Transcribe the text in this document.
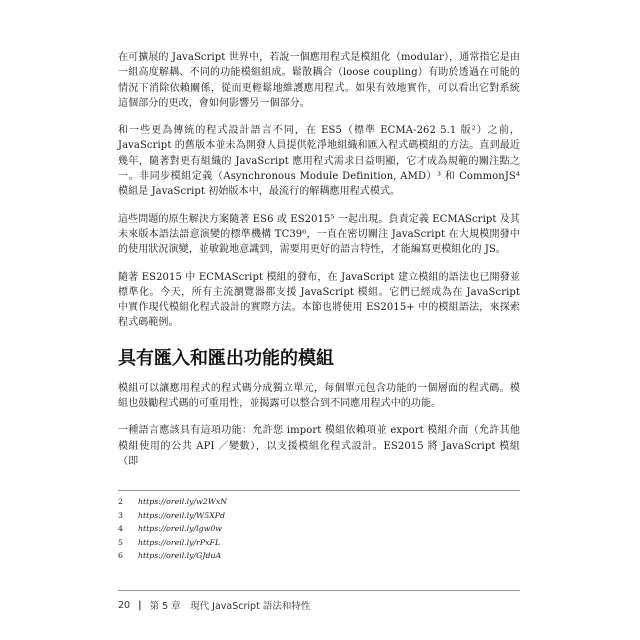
在可擴展的 JavaScript 世界中，若說一個應用程式是模組化（modular），通常指它是由一組高度解耦、不同的功能模組組成。鬆散耦合（loose coupling）有助於透過在可能的情況下消除依賴關係，從而更輕鬆地維護應用程式。如果有效地實作，可以看出它對系統這個部分的更改，會如何影響另一個部分。

和一些更為傳統的程式設計語言不同，在 ES5（標準 ECMA-262 5.1 版²）之前，JavaScript 的舊版本並未為開發人員提供乾淨地組織和匯入程式碼模組的方法。直到最近幾年，隨著對更有組織的 JavaScript 應用程式需求日益明顯，它才成為規範的關注點之一。非同步模組定義（Asynchronous Module Definition, AMD）³ 和 CommonJS⁴ 模組是 JavaScript 初始版本中，最流行的解耦應用程式模式。

這些問題的原生解決方案隨著 ES6 或 ES2015⁵ 一起出現。負責定義 ECMAScript 及其未來版本語法語意演變的標準機構 TC39⁶，一直在密切關注 JavaScript 在大規模開發中的使用狀況演變，並敏銳地意識到，需要用更好的語言特性，才能編寫更模組化的 JS。

隨著 ES2015 中 ECMAScript 模組的發布，在 JavaScript 建立模組的語法也已開發並標準化。今天，所有主流瀏覽器都支援 JavaScript 模組。它們已經成為在 JavaScript 中實作現代模組化程式設計的實際方法。本節也將使用 ES2015+ 中的模組語法，來探索程式碼範例。

具有匯入和匯出功能的模組

模組可以讓應用程式的程式碼分成獨立單元，每個單元包含功能的一個層面的程式碼。模組也鼓勵程式碼的可重用性，並揭露可以整合到不同應用程式中的功能。

一種語言應該具有這項功能：允許您 import 模組依賴項並 export 模組介面（允許其他模組使用的公共 API ／變數），以支援模組化程式設計。ES2015 將 JavaScript 模組（即

2	https://oreil.ly/w2WxN
3	https://oreil.ly/W5XPd
4	https://oreil.ly/lgw0w
5	https://oreil.ly/rPxFL
6	https://oreil.ly/GJduA
20 | 第 5 章　現代 JavaScript 語法和特性
